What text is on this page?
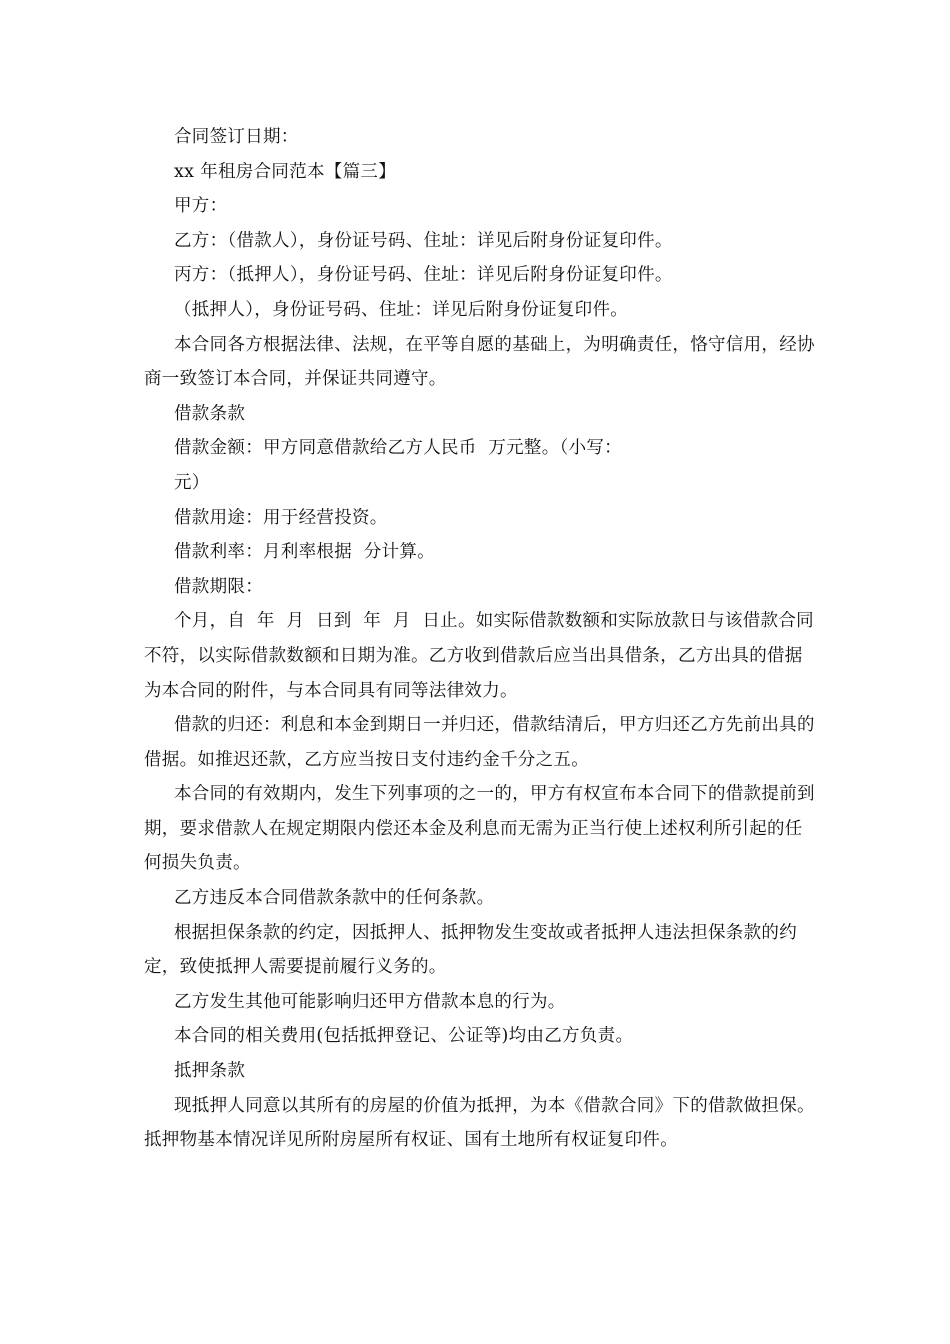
合同签订日期：

xx 年租房合同范本【篇三】

甲方：

乙方：（借款人），身份证号码、住址：详见后附身份证复印件。

丙方：（抵押人），身份证号码、住址：详见后附身份证复印件。

（抵押人），身份证号码、住址：详见后附身份证复印件。

本合同各方根据法律、法规，在平等自愿的基础上，为明确责任，恪守信用，经协商一致签订本合同，并保证共同遵守。

借款条款

借款金额：甲方同意借款给乙方人民币  万元整。（小写：

元）

借款用途：用于经营投资。

借款利率：月利率根据  分计算。

借款期限：

个月，自  年  月  日到  年  月  日止。如实际借款数额和实际放款日与该借款合同不符，以实际借款数额和日期为准。乙方收到借款后应当出具借条，乙方出具的借据为本合同的附件，与本合同具有同等法律效力。

借款的归还：利息和本金到期日一并归还，借款结清后，甲方归还乙方先前出具的借据。如推迟还款，乙方应当按日支付违约金千分之五。

本合同的有效期内，发生下列事项的之一的，甲方有权宣布本合同下的借款提前到期，要求借款人在规定期限内偿还本金及利息而无需为正当行使上述权利所引起的任何损失负责。

乙方违反本合同借款条款中的任何条款。

根据担保条款的约定，因抵押人、抵押物发生变故或者抵押人违法担保条款的约定，致使抵押人需要提前履行义务的。

乙方发生其他可能影响归还甲方借款本息的行为。

本合同的相关费用(包括抵押登记、公证等)均由乙方负责。

抵押条款

现抵押人同意以其所有的房屋的价值为抵押，为本《借款合同》下的借款做担保。抵押物基本情况详见所附房屋所有权证、国有土地所有权证复印件。
